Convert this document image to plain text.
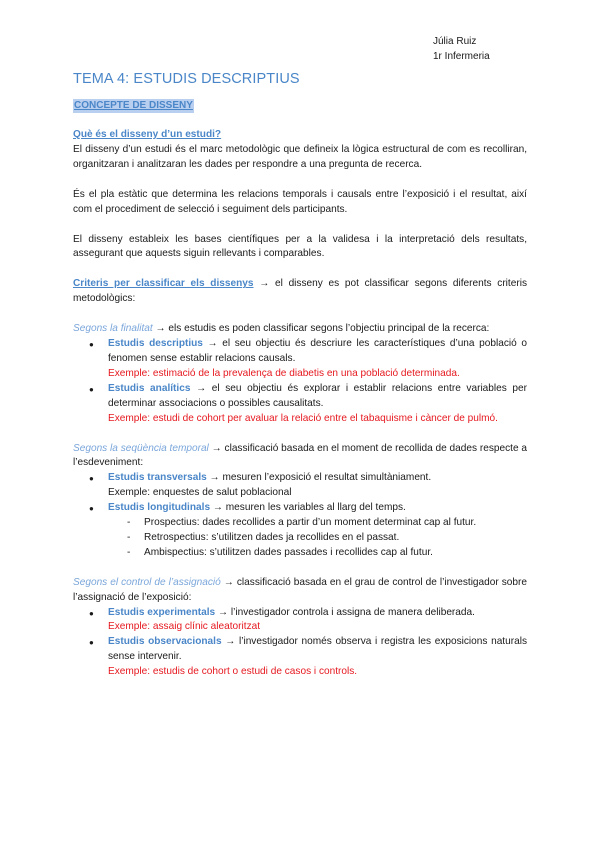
Júlia Ruiz
1r Infermeria
TEMA 4: ESTUDIS DESCRIPTIUS
CONCEPTE DE DISSENY
Què és el disseny d’un estudi?

El disseny d’un estudi és el marc metodològic que defineix la lògica estructural de com es recolliran, organitzaran i analitzaran les dades per respondre a una pregunta de recerca.

És el pla estàtic que determina les relacions temporals i causals entre l’exposició i el resultat, així com el procediment de selecció i seguiment dels participants.

El disseny estableix les bases científiques per a la validesa i la interpretació dels resultats, assegurant que aquests siguin rellevants i comparables.

Criteris per classificar els dissenys → el disseny es pot classificar segons diferents criteris metodològics:

Segons la finalitat → els estudis es poden classificar segons l’objectiu principal de la recerca:

● Estudis descriptius → el seu objectiu és descriure les característiques d’una població o fenomen sense establir relacions causals.
Exemple: estimació de la prevalença de diabetis en una població determinada.
● Estudis analítics → el seu objectiu és explorar i establir relacions entre variables per determinar associacions o possibles causalitats.
Exemple: estudi de cohort per avaluar la relació entre el tabaquisme i càncer de pulmó.

Segons la seqüència temporal → classificació basada en el moment de recollida de dades respecte a l’esdeveniment:

● Estudis transversals → mesuren l’exposició el resultat simultàniament.
Exemple: enquestes de salut poblacional
● Estudis longitudinals → mesuren les variables al llarg del temps.
- Prospectius: dades recollides a partir d’un moment determinat cap al futur.
- Retrospectius: s’utilitzen dades ja recollides en el passat.
- Ambispectius: s’utilitzen dades passades i recollides cap al futur.

Segons el control de l’assignació → classificació basada en el grau de control de l’investigador sobre l’assignació de l’exposició:

● Estudis experimentals → l’investigador controla i assigna de manera deliberada.
Exemple: assaig clínic aleatoritzat
● Estudis observacionals → l’investigador només observa i registra les exposicions naturals sense intervenir.
Exemple: estudis de cohort o estudi de casos i controls.
